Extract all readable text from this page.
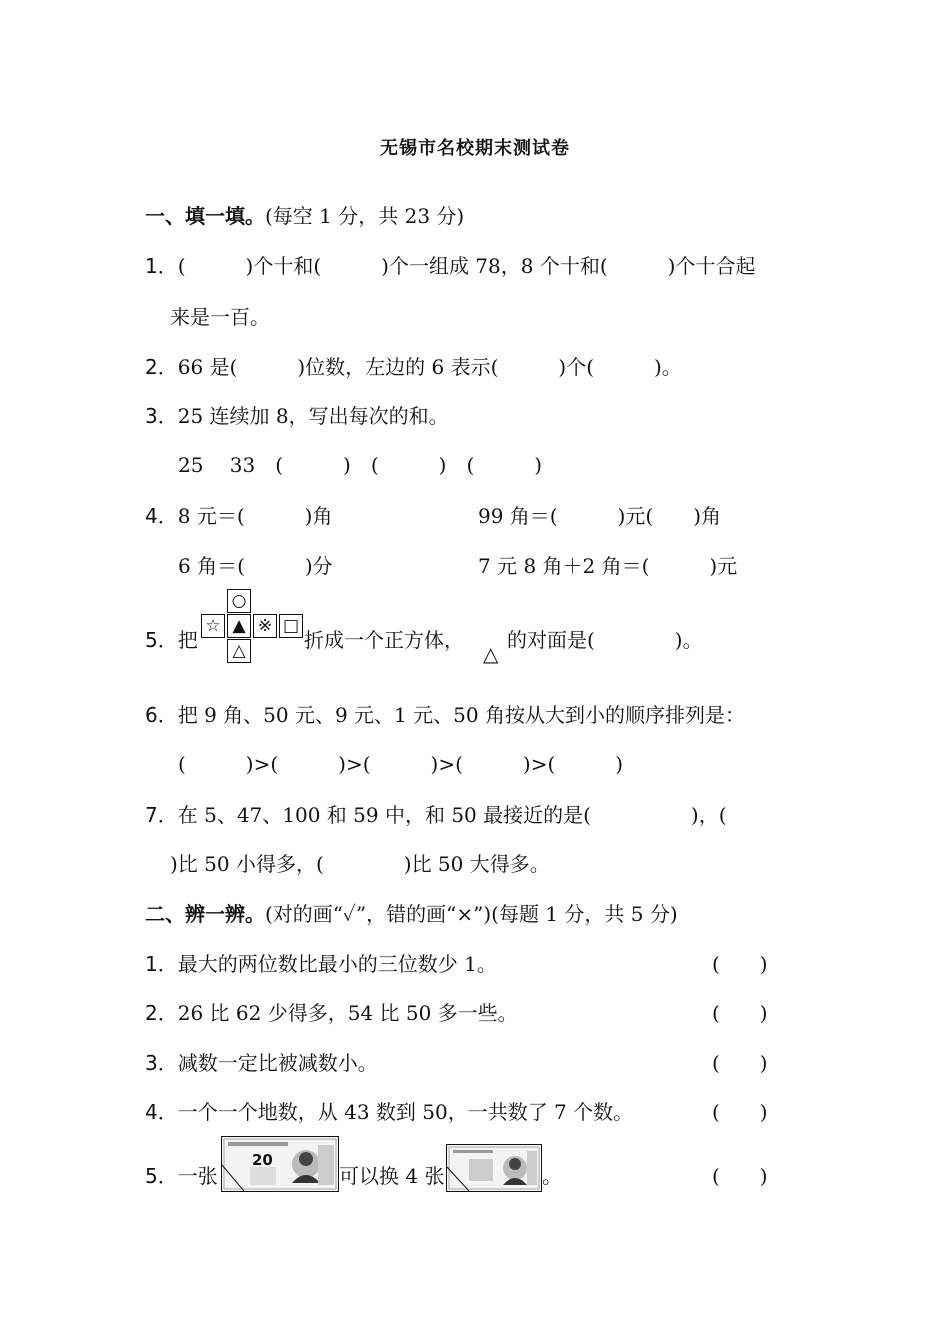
无锡市名校期末测试卷
一、填一填。(每空 1 分，共 23 分)
1．(　　　)个十和(　　　)个一组成 78，8 个十和(　　　)个十合起
来是一百。
2．66 是(　　　)位数，左边的 6 表示(　　　)个(　　　)。
3．25 连续加 8，写出每次的和。
25　 33　(　　　)　(　　　)　(　　　)
4．8 元＝(　　　)角	99 角＝(　　　)元(　　)角
6 角＝(　　　)分	7 元 8 角＋2 角＝(　　　)元
5．把
○
☆ ▲ ※ □
△	折成一个正方体，
△
的对面是(　　　　)。
6．把 9 角、50 元、9 元、1 元、50 角按从大到小的顺序排列是：
(　　　)>(　　　)>(　　　)>(　　　)>(　　　)
7．在 5、47、100 和 59 中，和 50 最接近的是(　　　　　)，(
)比 50 小得多，(　　　　)比 50 大得多。
二、辨一辨。(对的画“✓”，错的画“×”)(每题 1 分，共 5 分)
1．最大的两位数比最小的三位数少 1。	(　　)
2．26 比 62 少得多，54 比 50 多一些。	(　　)
3．减数一定比被减数小。	(　　)
4．一个一个地数，从 43 数到 50，一共数了 7 个数。	(　　)
5．一张
20
可以换 4 张	。	(　　)
